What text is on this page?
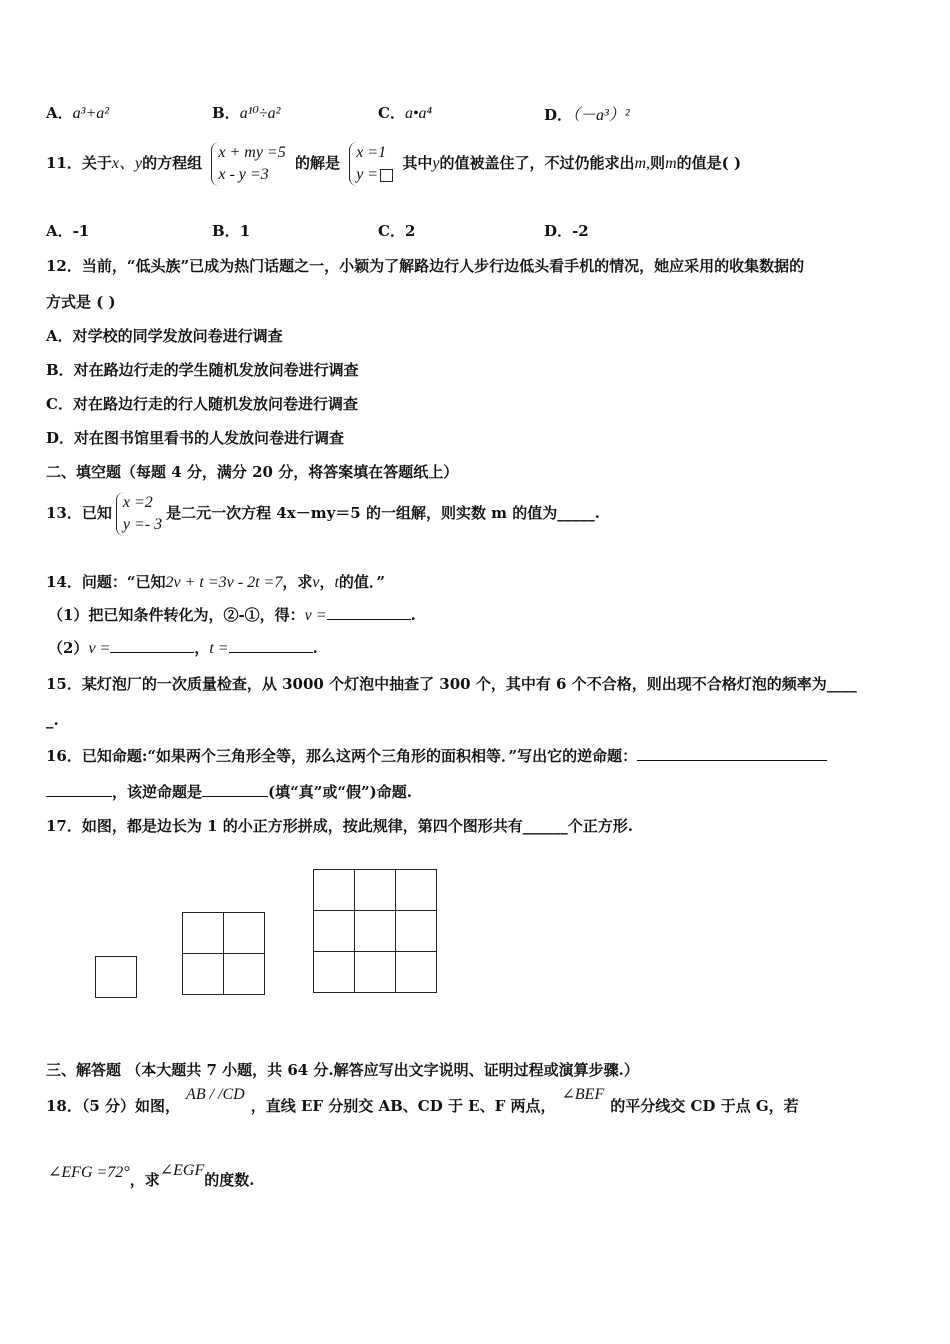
A．a³+a²	B．a¹⁰÷a²	C．a•a⁴	D．（－a³）²
11．关于x、y的方程组
x + my =5
x - y =3
的解是
x =1
y =
其中y的值被盖住了，不过仍能求出m,则m的值是( )
A．-1	B．1	C．2	D．-2
12．当前，“低头族”已成为热门话题之一，小颖为了解路边行人步行边低头看手机的情况，她应采用的收集数据的
方式是 ( )
A．对学校的同学发放问卷进行调查
B．对在路边行走的学生随机发放问卷进行调查
C．对在路边行走的行人随机发放问卷进行调查
D．对在图书馆里看书的人发放问卷进行调查
二、填空题（每题 4 分，满分 20 分，将答案填在答题纸上）
13．已知
x =2
y =- 3
是二元一次方程 4x－my＝5 的一组解，则实数 m 的值为_____.
14．问题：“已知2v + t =3v - 2t =7，求v，t的值．”
（1）把已知条件转化为，②-①，得：v =	.
（2）v =	，t =	.
15．某灯泡厂的一次质量检查，从 3000 个灯泡中抽查了 300 个，其中有 6 个不合格，则出现不合格灯泡的频率为____
_.
16．已知命题:“如果两个三角形全等，那么这两个三角形的面积相等．”写出它的逆命题：
，该逆命题是	(填“真”或“假”)命题.
17．如图，都是边长为 1 的小正方形拼成，按此规律，第四个图形共有______个正方形.

三、解答题 （本大题共 7 小题，共 64 分.解答应写出文字说明、证明过程或演算步骤.）
18．（5 分）如图，AB / /CD，直线 EF 分别交 AB、CD 于 E、F 两点，∠BEF的平分线交 CD 于点 G，若
∠EFG =72°，求∠EGF的度数.
